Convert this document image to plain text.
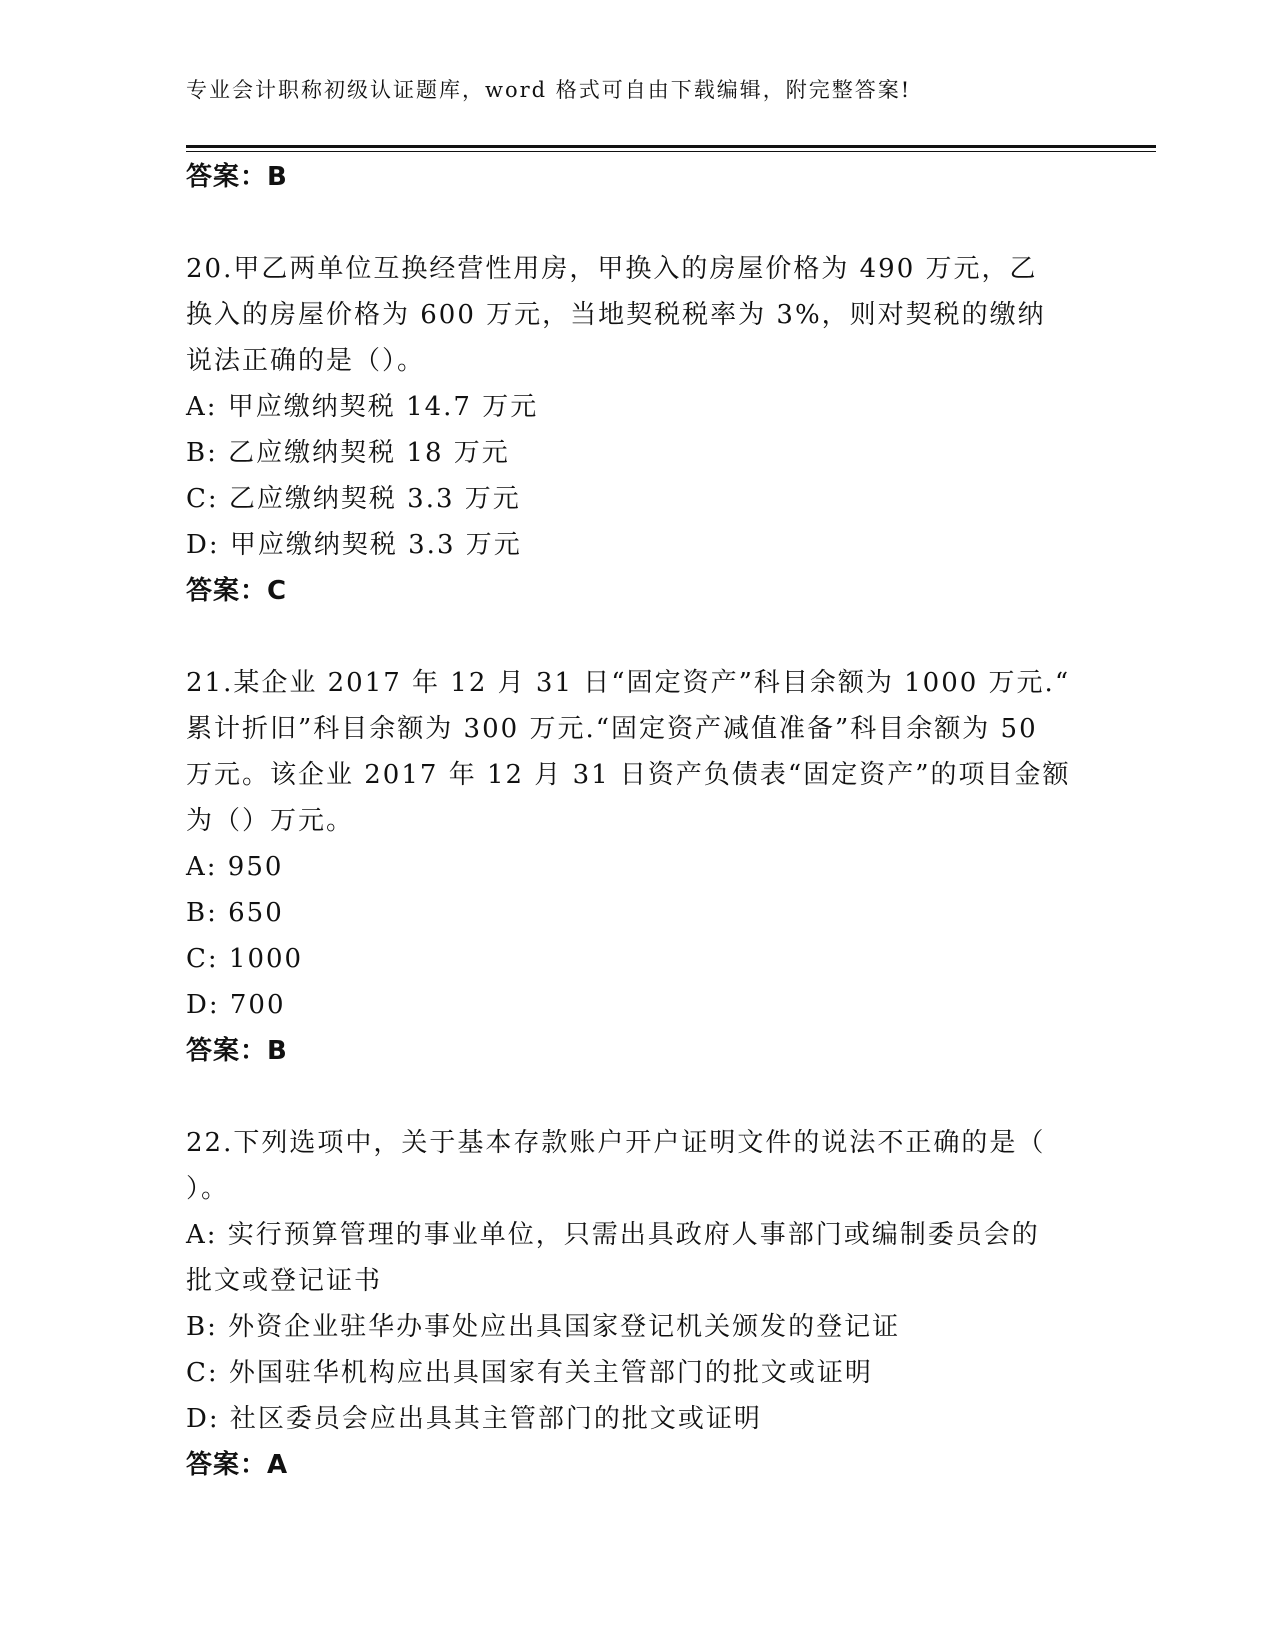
专业会计职称初级认证题库，word 格式可自由下载编辑，附完整答案!
答案：B
20.甲乙两单位互换经营性用房，甲换入的房屋价格为 490 万元，乙
换入的房屋价格为 600 万元，当地契税税率为 3%，则对契税的缴纳
说法正确的是（）。
A: 甲应缴纳契税 14.7 万元
B: 乙应缴纳契税 18 万元
C: 乙应缴纳契税 3.3 万元
D: 甲应缴纳契税 3.3 万元
答案：C
21.某企业 2017 年 12 月 31 日“固定资产”科目余额为 1000 万元.“
累计折旧”科目余额为 300 万元.“固定资产减值准备”科目余额为 50
万元。该企业 2017 年 12 月 31 日资产负债表“固定资产”的项目金额
为（）万元。
A: 950
B: 650
C: 1000
D: 700
答案：B
22.下列选项中，关于基本存款账户开户证明文件的说法不正确的是（
）。
A: 实行预算管理的事业单位，只需出具政府人事部门或编制委员会的
批文或登记证书
B: 外资企业驻华办事处应出具国家登记机关颁发的登记证
C: 外国驻华机构应出具国家有关主管部门的批文或证明
D: 社区委员会应出具其主管部门的批文或证明
答案：A
